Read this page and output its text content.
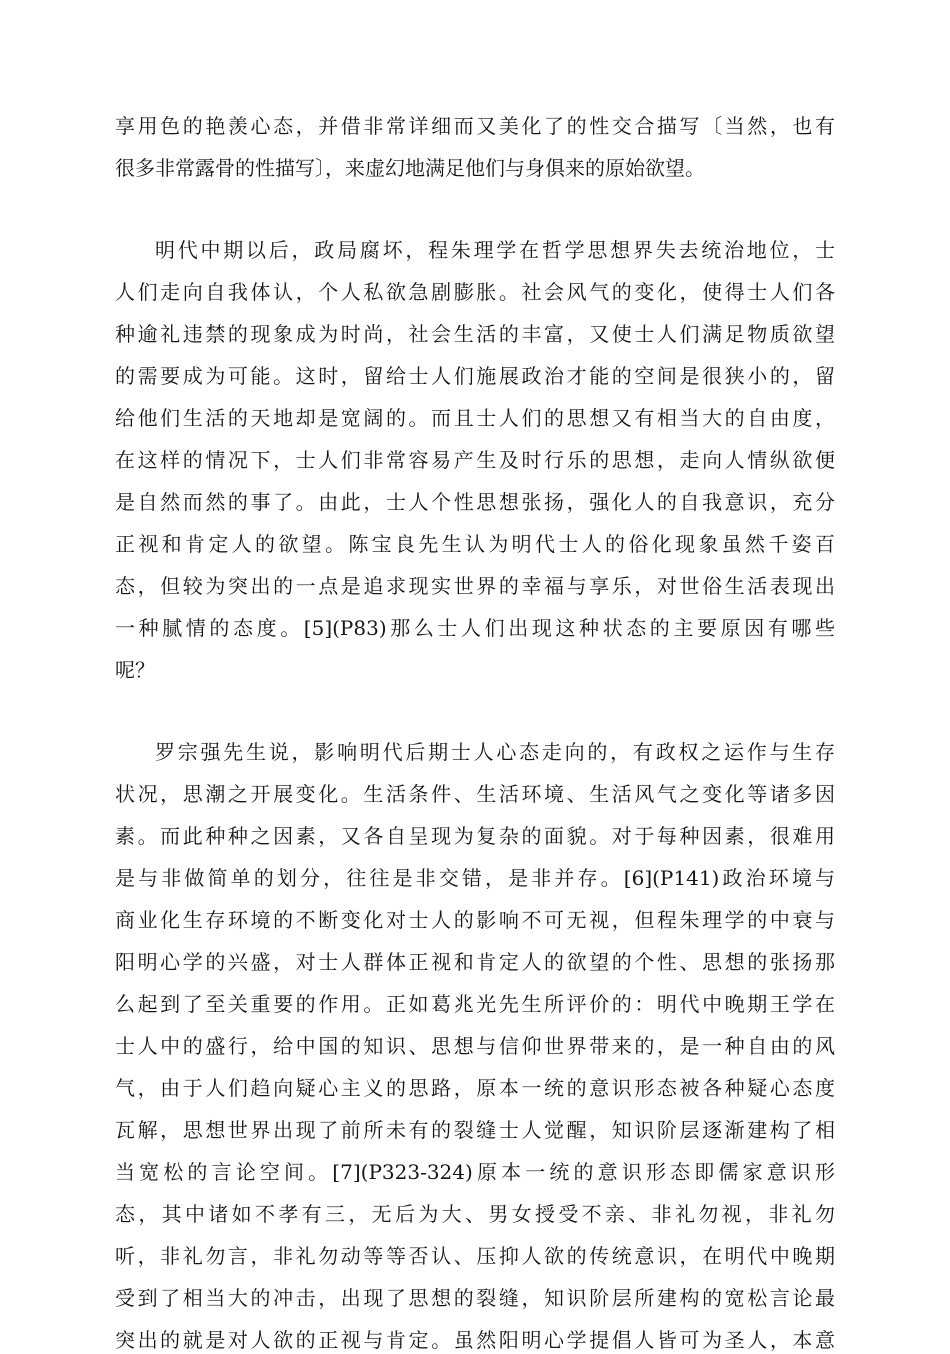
享用色的艳羡心态，并借非常详细而又美化了的性交合描写〔当然，也有

很多非常露骨的性描写〕，来虚幻地满足他们与身俱来的原始欲望。

明代中期以后，政局腐坏，程朱理学在哲学思想界失去统治地位，士

人们走向自我体认，个人私欲急剧膨胀。社会风气的变化，使得士人们各

种逾礼违禁的现象成为时尚，社会生活的丰富，又使士人们满足物质欲望

的需要成为可能。这时，留给士人们施展政治才能的空间是很狭小的，留

给他们生活的天地却是宽阔的。而且士人们的思想又有相当大的自由度，

在这样的情况下，士人们非常容易产生及时行乐的思想，走向人情纵欲便

是自然而然的事了。由此，士人个性思想张扬，强化人的自我意识，充分

正视和肯定人的欲望。陈宝良先生认为明代士人的俗化现象虽然千姿百

态，但较为突出的一点是追求现实世界的幸福与享乐，对世俗生活表现出

一种腻情的态度。[5](P83)那么士人们出现这种状态的主要原因有哪些

呢？

罗宗强先生说，影响明代后期士人心态走向的，有政权之运作与生存

状况，思潮之开展变化。生活条件、生活环境、生活风气之变化等诸多因

素。而此种种之因素，又各自呈现为复杂的面貌。对于每种因素，很难用

是与非做简单的划分，往往是非交错，是非并存。[6](P141)政治环境与

商业化生存环境的不断变化对士人的影响不可无视，但程朱理学的中衰与

阳明心学的兴盛，对士人群体正视和肯定人的欲望的个性、思想的张扬那

么起到了至关重要的作用。正如葛兆光先生所评价的：明代中晚期王学在

士人中的盛行，给中国的知识、思想与信仰世界带来的，是一种自由的风

气，由于人们趋向疑心主义的思路，原本一统的意识形态被各种疑心态度

瓦解，思想世界出现了前所未有的裂缝士人觉醒，知识阶层逐渐建构了相

当宽松的言论空间。[7](P323-324)原本一统的意识形态即儒家意识形

态，其中诸如不孝有三，无后为大、男女授受不亲、非礼勿视，非礼勿

听，非礼勿言，非礼勿动等等否认、压抑人欲的传统意识，在明代中晚期

受到了相当大的冲击，出现了思想的裂缝，知识阶层所建构的宽松言论最

突出的就是对人欲的正视与肯定。虽然阳明心学提倡人皆可为圣人，本意
